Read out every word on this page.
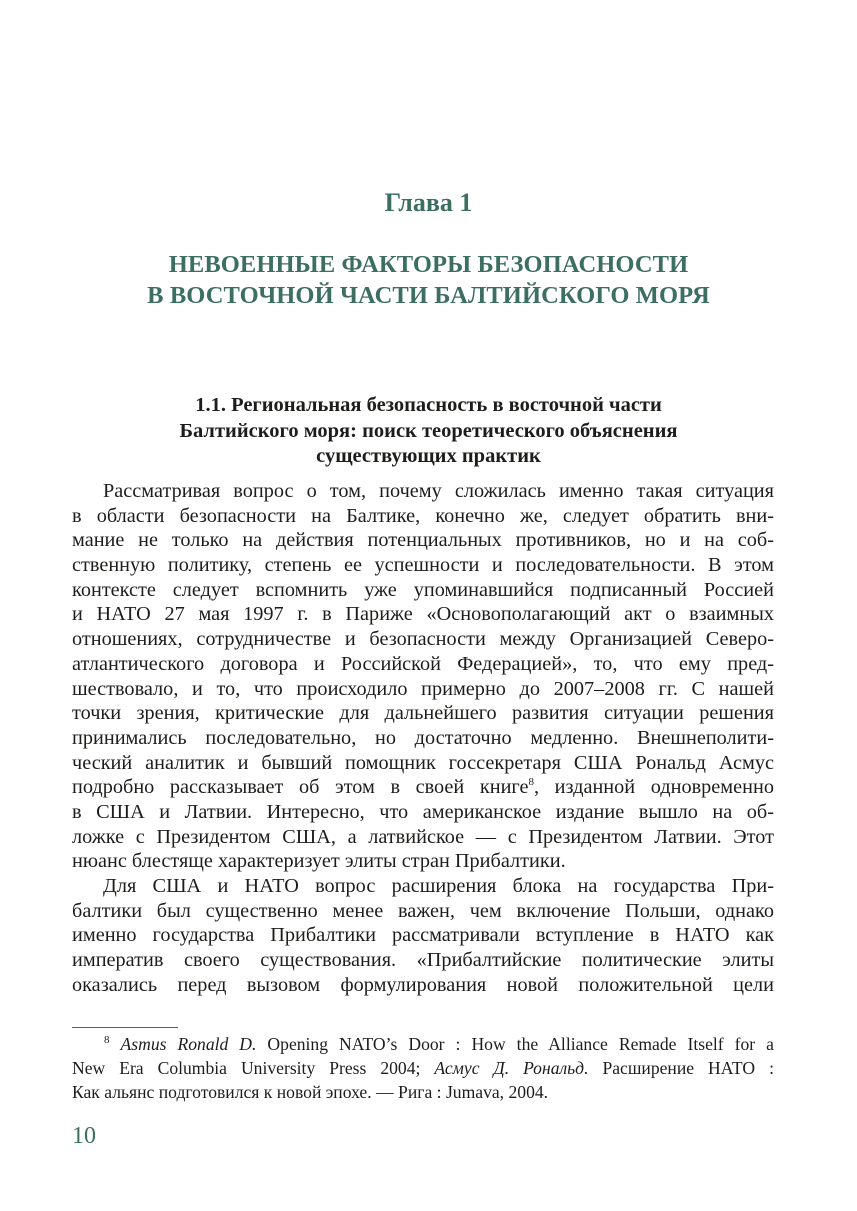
Глава 1
НЕВОЕННЫЕ ФАКТОРЫ БЕЗОПАСНОСТИ
В ВОСТОЧНОЙ ЧАСТИ БАЛТИЙСКОГО МОРЯ
1.1. Региональная безопасность в восточной части
Балтийского моря: поиск теоретического объяснения
существующих практик
Рассматривая вопрос о том, почему сложилась именно такая ситуация
в области безопасности на Балтике, конечно же, следует обратить вни-
мание не только на действия потенциальных противников, но и на соб-
ственную политику, степень ее успешности и последовательности. В этом
контексте следует вспомнить уже упоминавшийся подписанный Россией
и НАТО 27 мая 1997 г. в Париже «Основополагающий акт о взаимных
отношениях, сотрудничестве и безопасности между Организацией Северо-
атлантического договора и Российской Федерацией», то, что ему пред-
шествовало, и то, что происходило примерно до 2007–2008 гг. С нашей
точки зрения, критические для дальнейшего развития ситуации решения
принимались последовательно, но достаточно медленно. Внешнеполити-
ческий аналитик и бывший помощник госсекретаря США Рональд Асмус
подробно рассказывает об этом в своей книге$^8$, изданной одновременно
в США и Латвии. Интересно, что американское издание вышло на об-
ложке с Президентом США, а латвийское — с Президентом Латвии. Этот
нюанс блестяще характеризует элиты стран Прибалтики.
Для США и НАТО вопрос расширения блока на государства При-
балтики был существенно менее важен, чем включение Польши, однако
именно государства Прибалтики рассматривали вступление в НАТО как
императив своего существования. «Прибалтийские политические элиты
оказались перед вызовом формулирования новой положительной цели
$^8$ Asmus Ronald D. Opening NATO’s Door : How the Alliance Remade Itself for a
New Era Columbia University Press 2004; Асмус Д. Рональд. Расширение НАТО :
Как альянс подготовился к новой эпохе. — Рига : Jumava, 2004.
10
